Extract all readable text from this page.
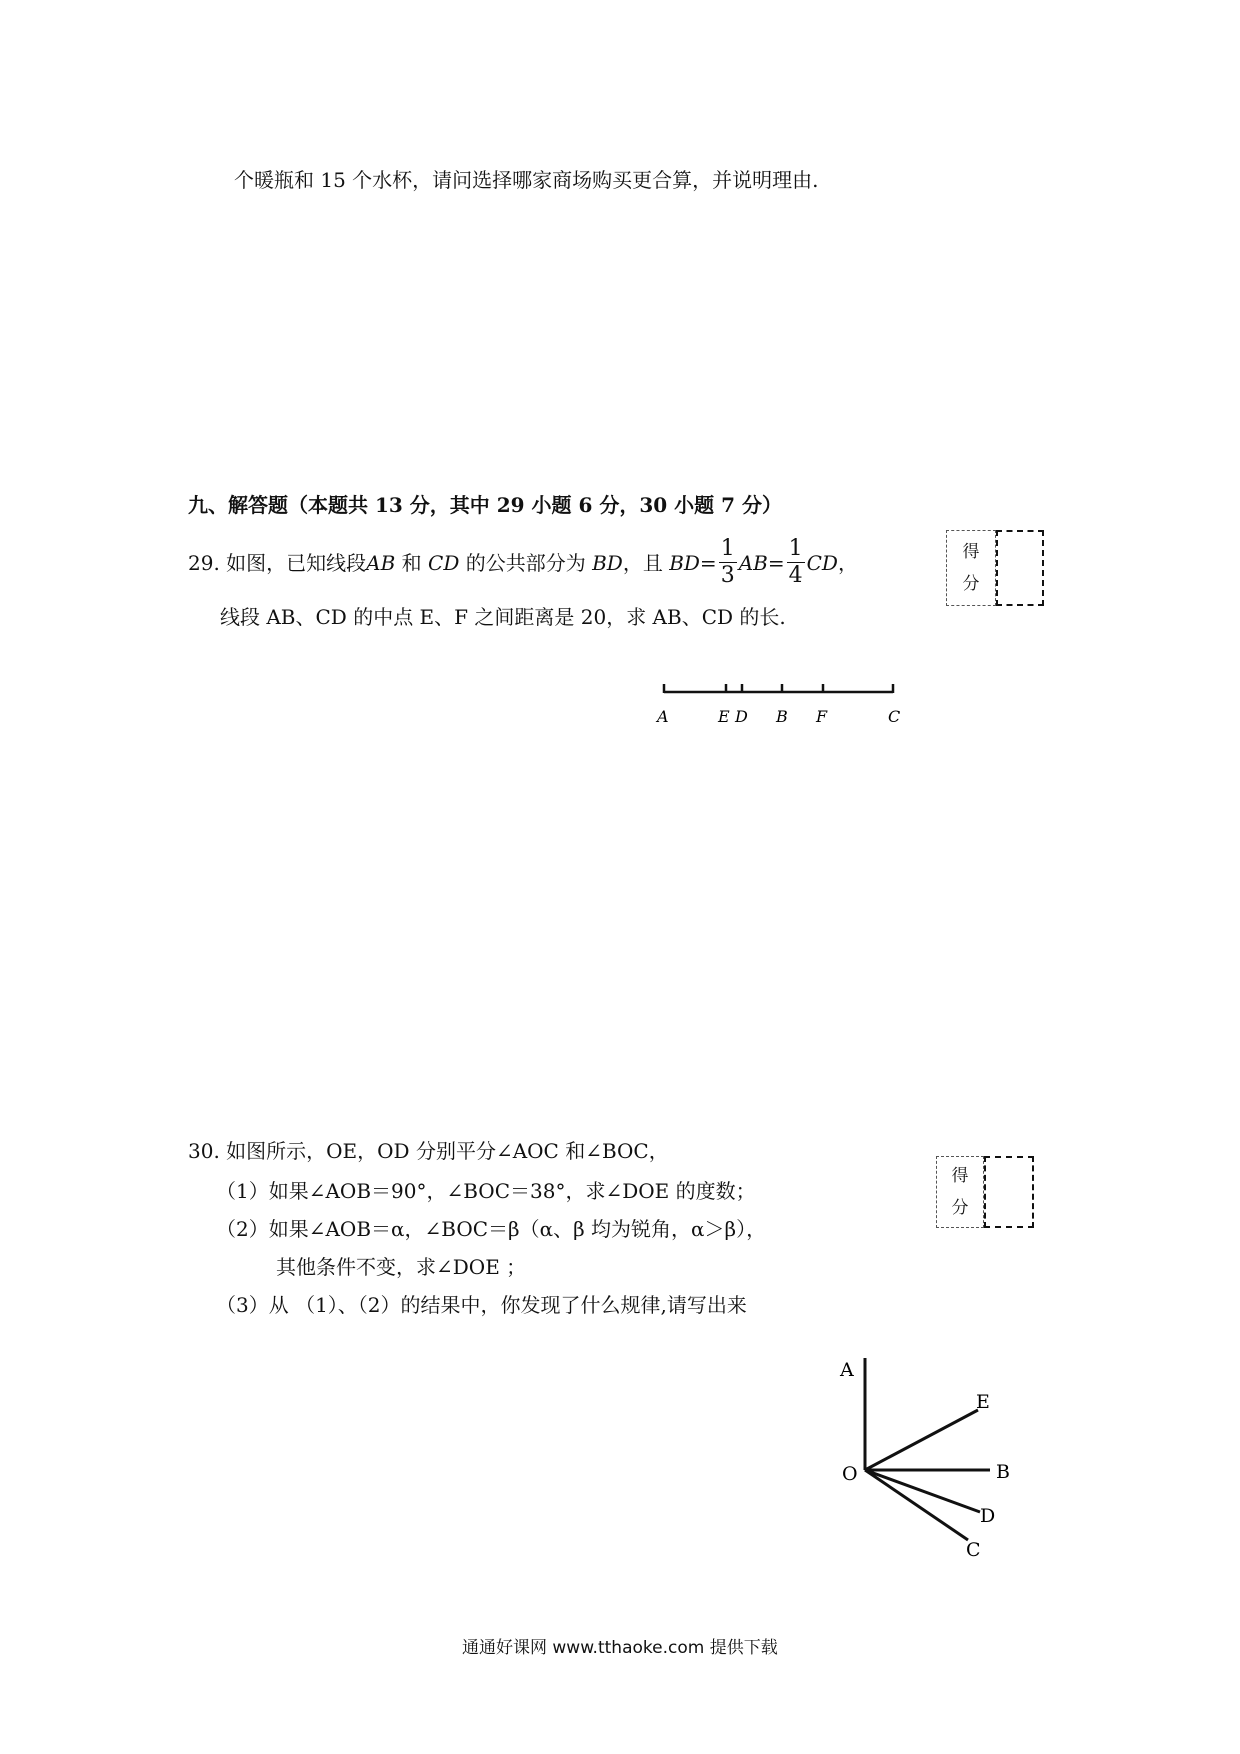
个暖瓶和 15 个水杯，请问选择哪家商场购买更合算，并说明理由.
九、解答题（本题共 13 分，其中 29 小题 6 分，30 小题 7 分）
29.
如图，已知线段 AB
和
CD
的公共部分为
BD ，且
$BD= \frac{1}{3} AB= \frac{1}{4}$ CD ，
线段 AB、CD 的中点 E、F 之间距离是 20，求 AB、CD 的长.
得
分
A	E D B F	C
30. 如图所示，OE，OD 分别平分∠AOC 和∠BOC，
（1）如果∠AOB＝90°，∠BOC＝38°，求∠DOE 的度数；
（2）如果∠AOB＝α，∠BOC＝β（α、β 均为锐角，α＞β），
其他条件不变，求∠DOE ；
（3）从 （1）、（2）的结果中，你发现了什么规律,请写出来
得
分
A
E
B
D
C
O
通通好课网 www.tthaoke.com 提供下载
